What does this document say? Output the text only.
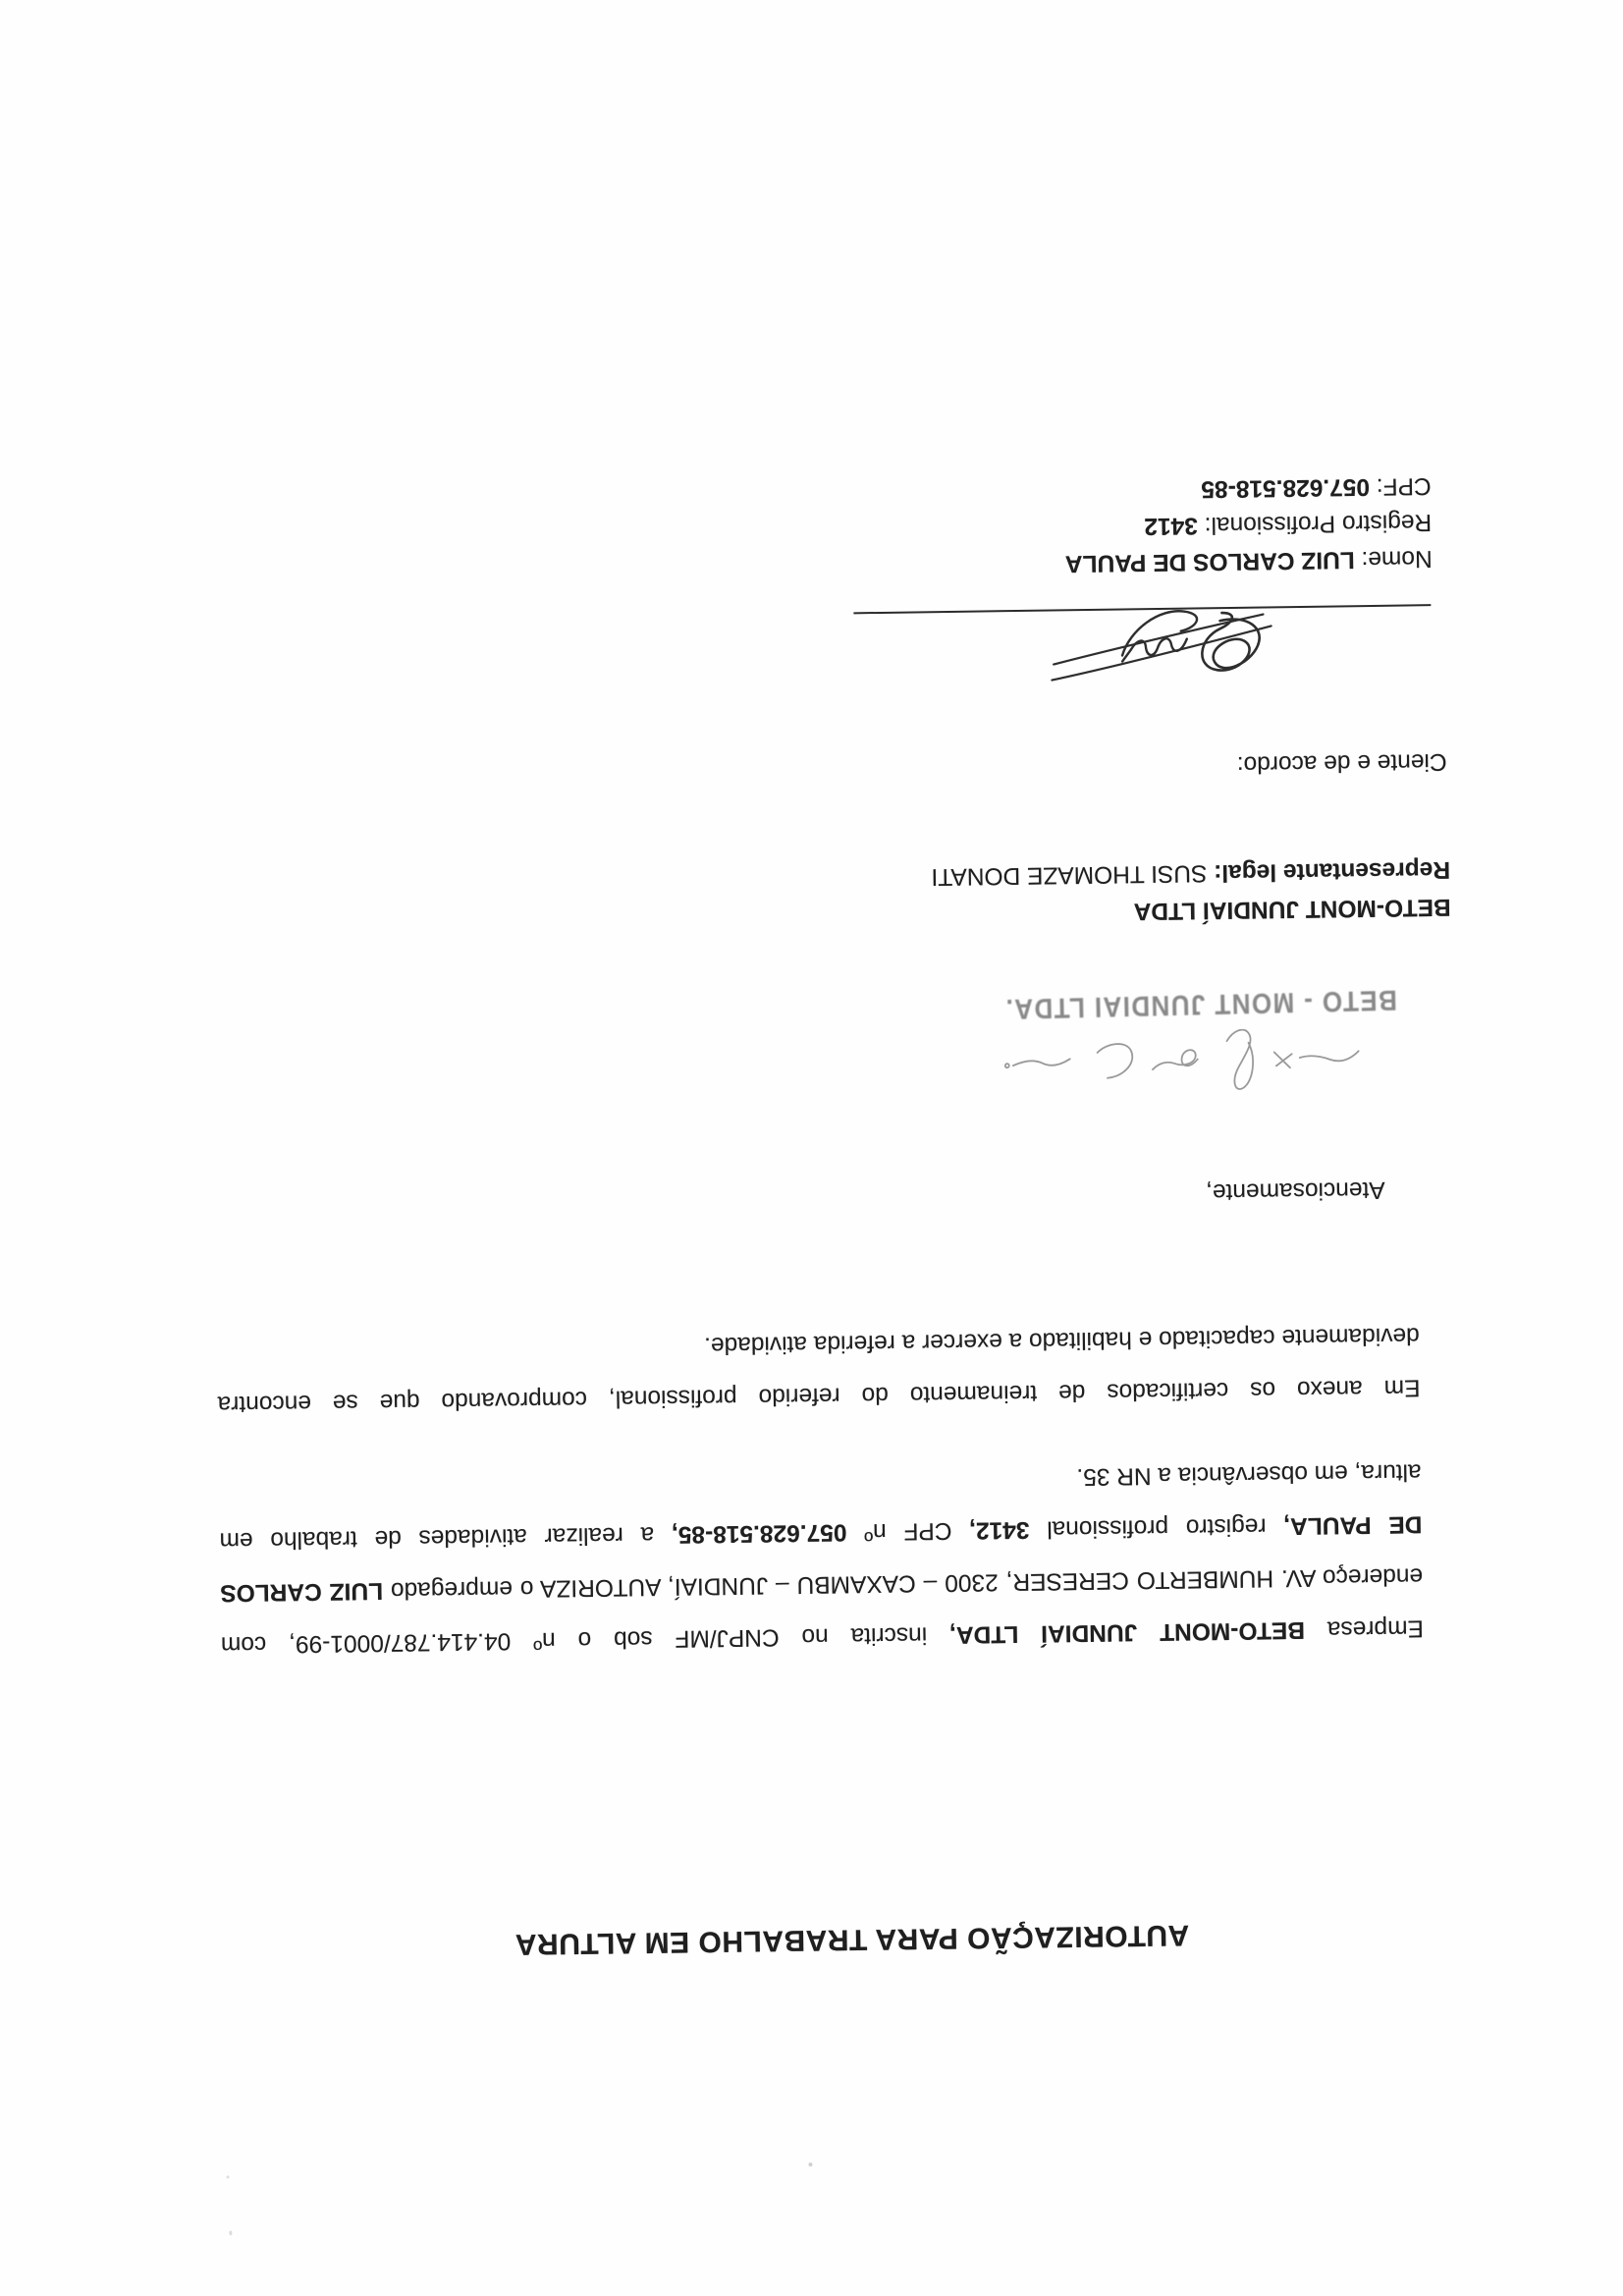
AUTORIZAÇÃO PARA TRABALHO EM ALTURA
Empresa BETO-MONT JUNDIAÍ LTDA, inscrita no CNPJ/MF sob o nº 04.414.787/0001-99, com
endereço AV. HUMBERTO CERESER, 2300 – CAXAMBU – JUNDIAÍ, AUTORIZA o empregado LUIZ CARLOS
DE PAULA, registro profissional 3412, CPF nº 057.628.518-85, a realizar atividades de trabalho em
altura, em observância a NR 35.
Em anexo os certificados de treinamento do referido profissional, comprovando que se encontra
devidamente capacitado e habilitado a exercer a referida atividade.
Atenciosamente,
BETO - MONT JUNDIAI LTDA.
BETO-MONT JUNDIAÍ LTDA
Representante legal: SUSI THOMAZE DONATI
Ciente e de acordo:
Nome: LUIZ CARLOS DE PAULA
Registro Profissional: 3412
CPF: 057.628.518-85
